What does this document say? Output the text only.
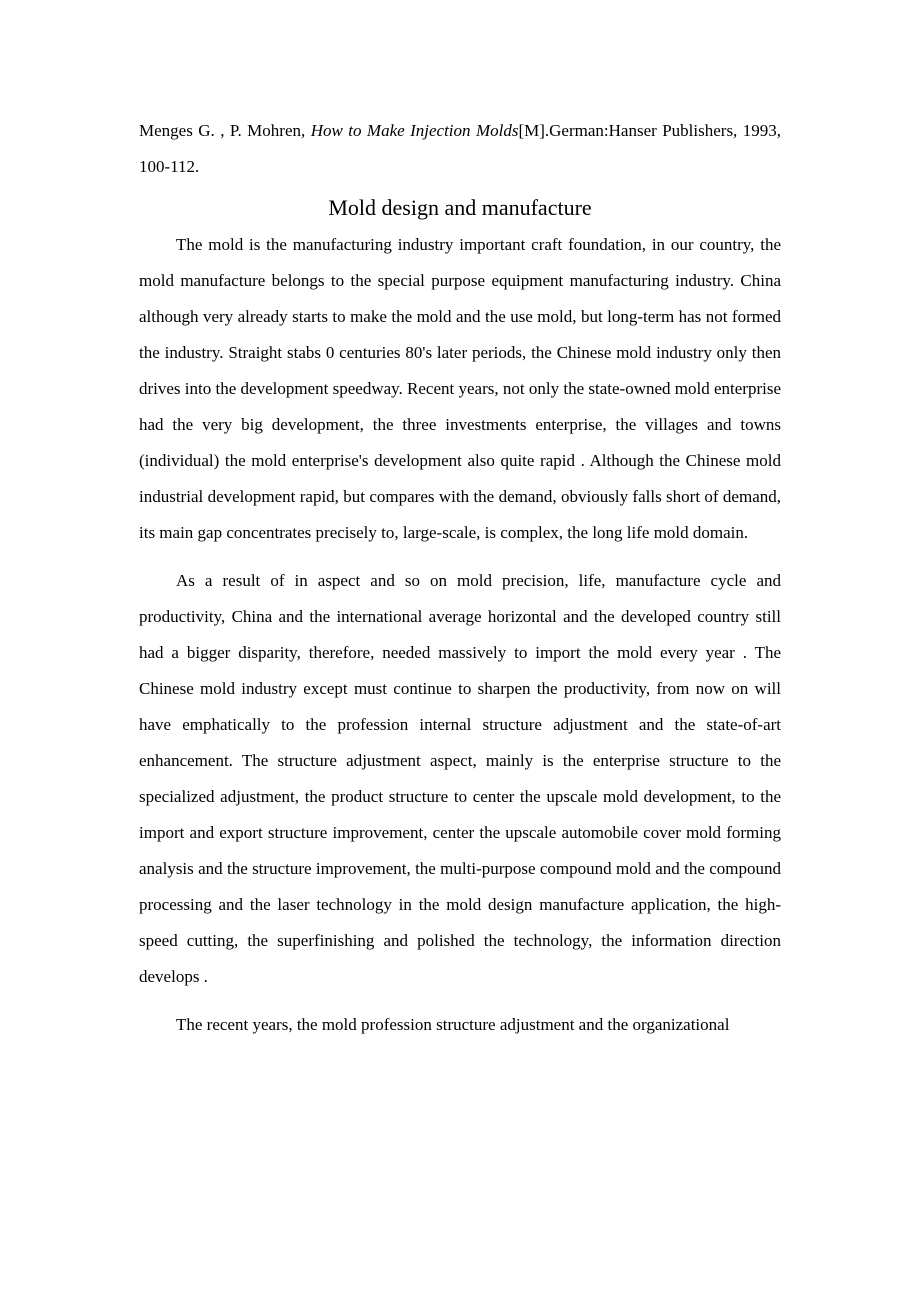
Menges G. , P. Mohren, How to Make Injection Molds[M].German:Hanser Publishers, 1993, 100-112.

Mold design and manufacture

The mold is the manufacturing industry important craft foundation, in our country, the mold manufacture belongs to the special purpose equipment manufacturing industry. China although very already starts to make the mold and the use mold, but long-term has not formed the industry. Straight stabs 0 centuries 80's later periods, the Chinese mold industry only then drives into the development speedway. Recent years, not only the state-owned mold enterprise had the very big development, the three investments enterprise, the villages and towns (individual) the mold enterprise's development also quite rapid . Although the Chinese mold industrial development rapid, but compares with the demand, obviously falls short of demand, its main gap concentrates precisely to, large-scale, is complex, the long life mold domain.

As a result of in aspect and so on mold precision, life, manufacture cycle and productivity, China and the international average horizontal and the developed country still had a bigger disparity, therefore, needed massively to import the mold every year . The Chinese mold industry except must continue to sharpen the productivity, from now on will have emphatically to the profession internal structure adjustment and the state-of-art enhancement. The structure adjustment aspect, mainly is the enterprise structure to the specialized adjustment, the product structure to center the upscale mold development, to the import and export structure improvement, center the upscale automobile cover mold forming analysis and the structure improvement, the multi-purpose compound mold and the compound processing and the laser technology in the mold design manufacture application, the high-speed cutting, the superfinishing and polished the technology, the information direction develops .

The recent years, the mold profession structure adjustment and the organizational
